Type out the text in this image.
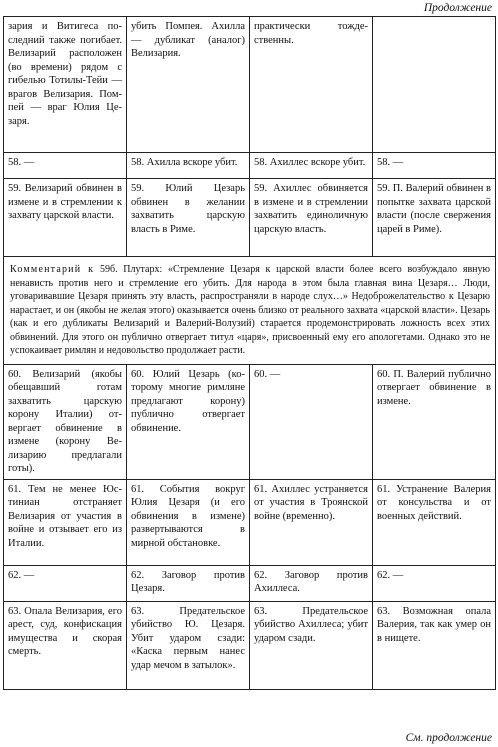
Продолжение
зария и Витигеса последний также погибает. Велизарий расположен (во времени) рядом с гибелью Тотилы-Тейи — врагов Велизария. Помпей — враг Юлия Цезаря.	убить Помпея. Ахилла — дубликат (аналог) Велизария.	практически тождественны.	
58. —	58. Ахилла вскоре убит.	58. Ахиллес вскоре убит.	58. —
59. Велизарий обвинен в измене и в стремлении к захвату царской власти.	59. Юлий Цезарь обвинен в желании захватить царскую власть в Риме.	59. Ахиллес обвиняется в измене и в стремлении захватить единоличную царскую власть.	59. П. Валерий обвинен в попытке захвата царской власти (после свержения царей в Риме).
Комментарий к 59б. Плутарх: «Стремление Цезаря к царской власти более всего возбуждало явную ненависть против него и стремление его убить. Для народа в этом была главная вина Цезаря… Люди, уговаривавшие Цезаря принять эту власть, распространяли в народе слух…» Недоброжелательство к Цезарю нарастает, и он (якобы не желая этого) оказывается очень близко от реального захвата «царской власти». Цезарь (как и его дубликаты Велизарий и Валерий-Волузий) старается продемонстрировать ложность всех этих обвинений. Для этого он публично отвергает титул «царя», присвоенный ему его апологетами. Однако это не успокаивает римлян и недовольство продолжает расти.			
60. Велизарий (якобы обещавший готам захватить царскую корону Италии) отвергает обвинение в измене (корону Велизарию предлагали готы).	60. Юлий Цезарь (которому многие римляне предлагают корону) публично отвергает обвинение.	60. —	60. П. Валерий публично отвергает обвинение в измене.
61. Тем не менее Юстиниан отстраняет Велизария от участия в войне и отзывает его из Италии.	61. События вокруг Юлия Цезаря (и его обвинения в измене) развертываются в мирной обстановке.	61. Ахиллес устраняется от участия в Троянской войне (временно).	61. Устранение Валерия от консульства и от военных действий.
62. —	62. Заговор против Цезаря.	62. Заговор против Ахиллеса.	62. —
63. Опала Велизария, его арест, суд, конфискация имущества и скорая смерть.	63. Предательское убийство Ю. Цезаря. Убит ударом сзади: «Каска первым нанес удар мечом в затылок».	63. Предательское убийство Ахиллеса; убит ударом сзади.	63. Возможная опала Валерия, так как умер он в нищете.
См. продолжение
